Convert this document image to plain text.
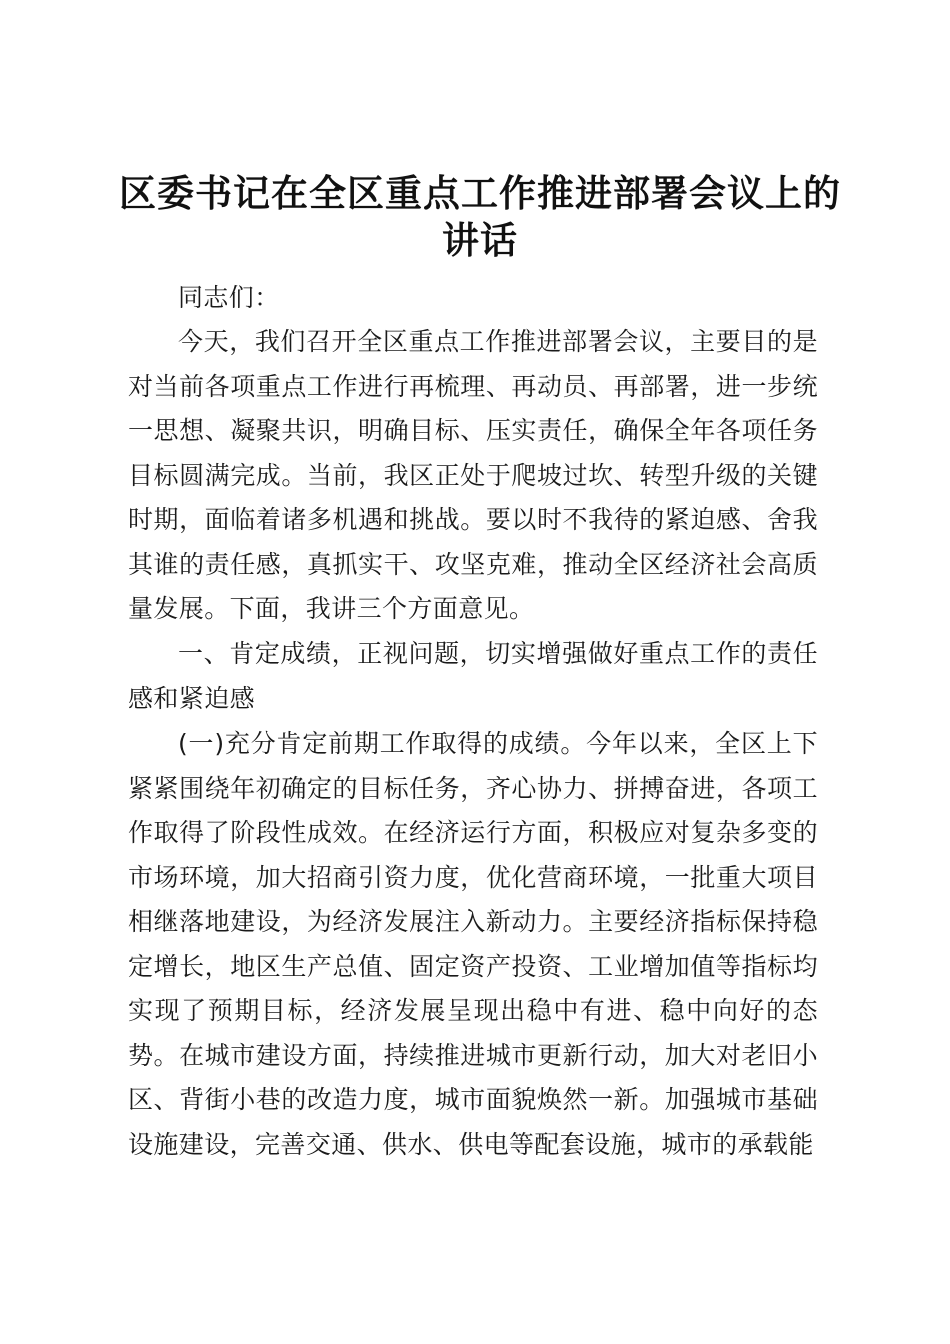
区委书记在全区重点工作推进部署会议上的讲话

同志们：

今天，我们召开全区重点工作推进部署会议，主要目的是对当前各项重点工作进行再梳理、再动员、再部署，进一步统一思想、凝聚共识，明确目标、压实责任，确保全年各项任务目标圆满完成。当前，我区正处于爬坡过坎、转型升级的关键时期，面临着诸多机遇和挑战。要以时不我待的紧迫感、舍我其谁的责任感，真抓实干、攻坚克难，推动全区经济社会高质量发展。下面，我讲三个方面意见。

一、肯定成绩，正视问题，切实增强做好重点工作的责任感和紧迫感

(一)充分肯定前期工作取得的成绩。今年以来，全区上下紧紧围绕年初确定的目标任务，齐心协力、拼搏奋进，各项工作取得了阶段性成效。在经济运行方面，积极应对复杂多变的市场环境，加大招商引资力度，优化营商环境，一批重大项目相继落地建设，为经济发展注入新动力。主要经济指标保持稳定增长，地区生产总值、固定资产投资、工业增加值等指标均实现了预期目标，经济发展呈现出稳中有进、稳中向好的态势。在城市建设方面，持续推进城市更新行动，加大对老旧小区、背街小巷的改造力度，城市面貌焕然一新。加强城市基础设施建设，完善交通、供水、供电等配套设施，城市的承载能
